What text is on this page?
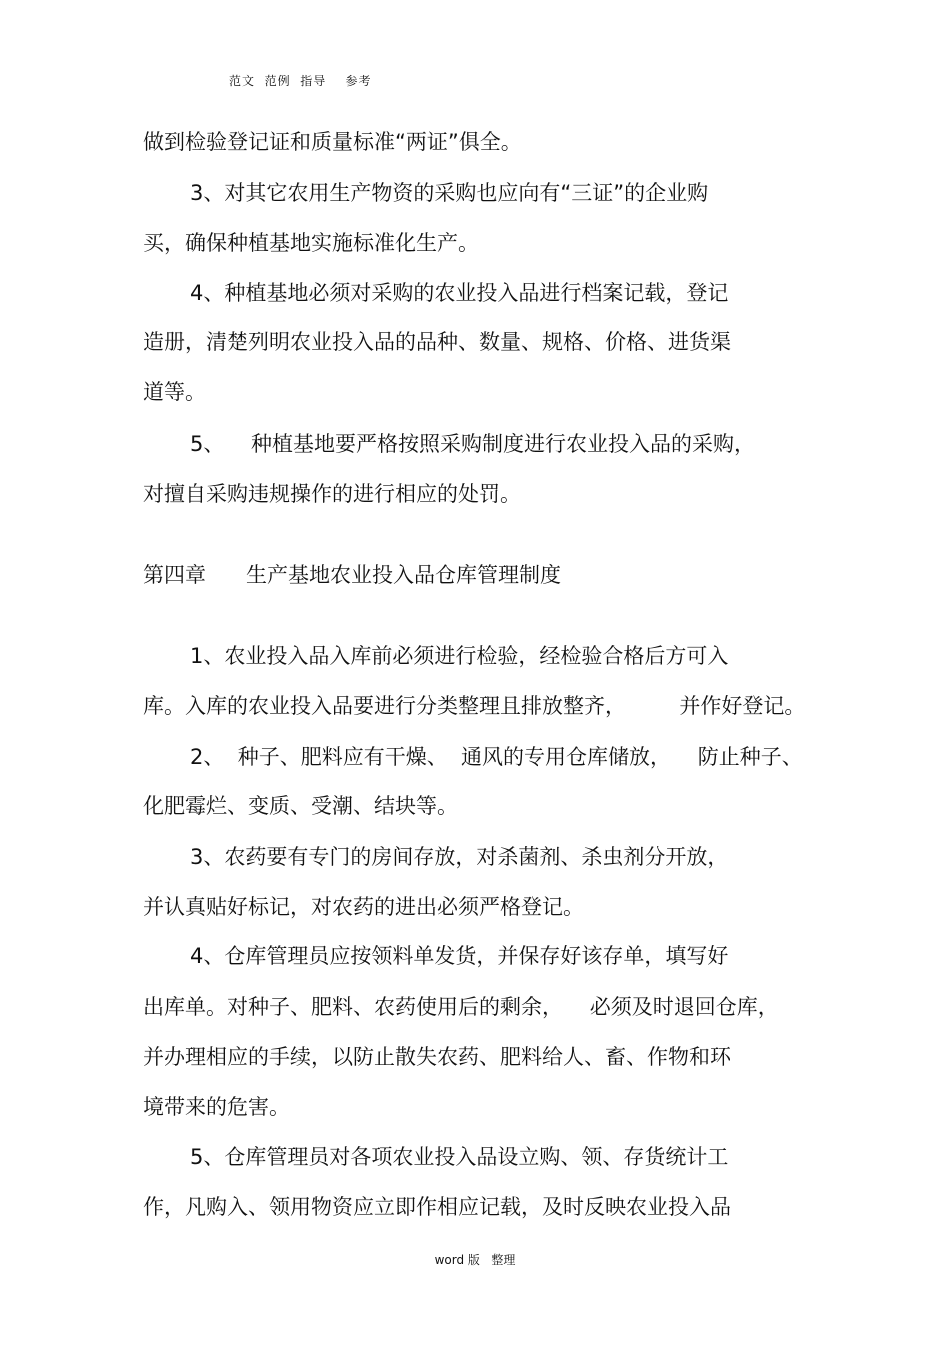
范文  范例  指导    参考
做到检验登记证和质量标准“两证”俱全。
3、对其它农用生产物资的采购也应向有“三证”的企业购
买，确保种植基地实施标准化生产。
4、种植基地必须对采购的农业投入品进行档案记载，登记
造册，清楚列明农业投入品的品种、数量、规格、价格、进货渠
道等。
5、    种植基地要严格按照采购制度进行农业投入品的采购，
对擅自采购违规操作的进行相应的处罚。
第四章      生产基地农业投入品仓库管理制度
1、农业投入品入库前必须进行检验，经检验合格后方可入
库。入库的农业投入品要进行分类整理且排放整齐，        并作好登记。
2、  种子、肥料应有干燥、  通风的专用仓库储放，    防止种子、
化肥霉烂、变质、受潮、结块等。
3、农药要有专门的房间存放，对杀菌剂、杀虫剂分开放，
并认真贴好标记，对农药的进出必须严格登记。
4、仓库管理员应按领料单发货，并保存好该存单，填写好
出库单。对种子、肥料、农药使用后的剩余，    必须及时退回仓库，
并办理相应的手续，以防止散失农药、肥料给人、畜、作物和环
境带来的危害。
5、仓库管理员对各项农业投入品设立购、领、存货统计工
作，凡购入、领用物资应立即作相应记载，及时反映农业投入品
word 版   整理
